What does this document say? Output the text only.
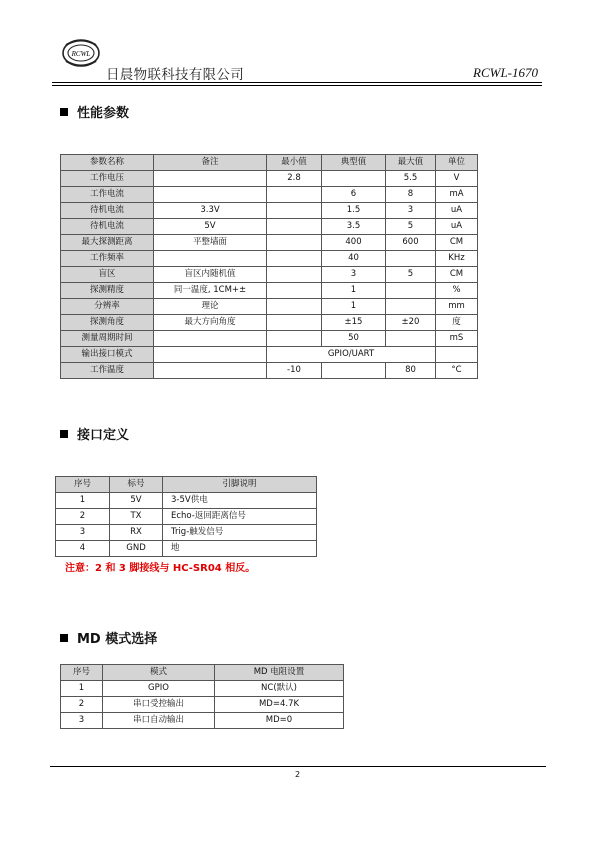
RCWL
日晨物联科技有限公司	RCWL-1670
性能参数
参数名称	备注	最小值	典型值	最大值	单位
工作电压		2.8		5.5	V
工作电流			6	8	mA
待机电流	3.3V		1.5	3	uA
待机电流	5V		3.5	5	uA
最大探测距离	平整墙面		400	600	CM
工作频率			40		KHz
盲区	盲区内随机值		3	5	CM
探测精度	同一温度, 1CM+±		1		%
分辨率	理论		1		mm
探测角度	最大方向角度		±15	±20	度
测量周期时间			50		mS
输出接口模式		GPIO/UART			
工作温度		-10		80	°C
接口定义
序号	标号	引脚说明
1	5V	3-5V供电
2	TX	Echo-返回距离信号
3	RX	Trig-触发信号
4	GND	地
注意：2 和 3 脚接线与 HC-SR04 相反。
MD 模式选择
序号	模式	MD 电阻设置
1	GPIO	NC(默认)
2	串口受控输出	MD=4.7K
3	串口自动输出	MD=0
2
